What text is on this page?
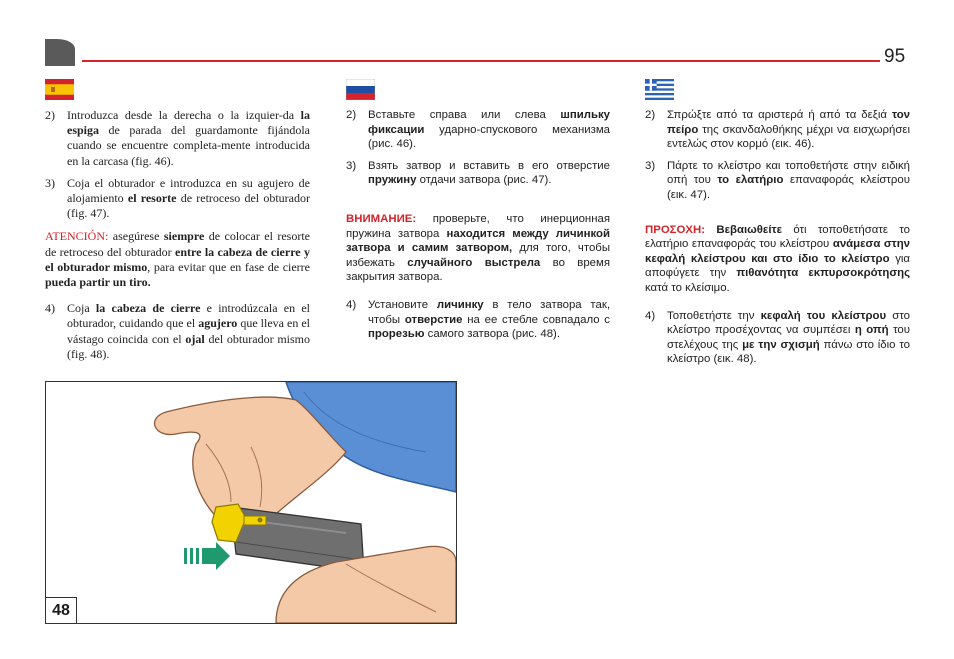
95
2)	Introduzca desde la derecha o la izquier-da la espiga de parada del guardamonte fijándola cuando se encuentre completa-mente introducida en la carcasa (fig. 46).
3)	Coja el obturador e introduzca en su agujero de alojamiento el resorte de retroceso del obturador (fig. 47).
ATENCIÓN: asegúrese siempre de colocar el resorte de retroceso del obturador entre la cabeza de cierre y el obturador mismo, para evitar que en fase de cierre pueda partir un tiro.
4)	Coja la cabeza de cierre e introdúzcala en el obturador, cuidando que el agujero que lleva en el vástago coincida con el ojal del obturador mismo (fig. 48).
2)	Вставьте справа или слева шпильку фиксации ударно-спускового механизма (рис. 46).
3)	Взять затвор и вставить в его отверстие пружину отдачи затвора (рис. 47).
ВНИМАНИЕ: проверьте, что инерционная пружина затвора находится между личинкой затвора и самим затвором, для того, чтобы избежать случайного выстрела во время закрытия затвора.
4)	Установите личинку в тело затвора так, чтобы отверстие на ее стебле совпадало с прорезью самого затвора (рис. 48).
2)	Σπρώξτε από τα αριστερά ή από τα δεξιά τον πείρο της σκανδαλοθήκης μέχρι να εισχωρήσει εντελώς στον κορμό (εικ. 46).
3)	Πάρτε το κλείστρο και τοποθετήστε στην ειδική οπή του το ελατήριο επαναφοράς κλείστρου (εικ. 47).
ΠΡΟΣΟΧΗ: Βεβαιωθείτε ότι τοποθετήσατε το ελατήριο επαναφοράς του κλείστρου ανάμεσα στην κεφαλή κλείστρου και στο ίδιο το κλείστρο για αποφύγετε την πιθανότητα εκπυρσοκρότησης κατά το κλείσιμο.
4)	Τοποθετήστε την κεφαλή του κλείστρου στο κλείστρο προσέχοντας να συμπέσει η οπή του στελέχους της με την σχισμή πάνω στο ίδιο το κλείστρο (εικ. 48).
48
